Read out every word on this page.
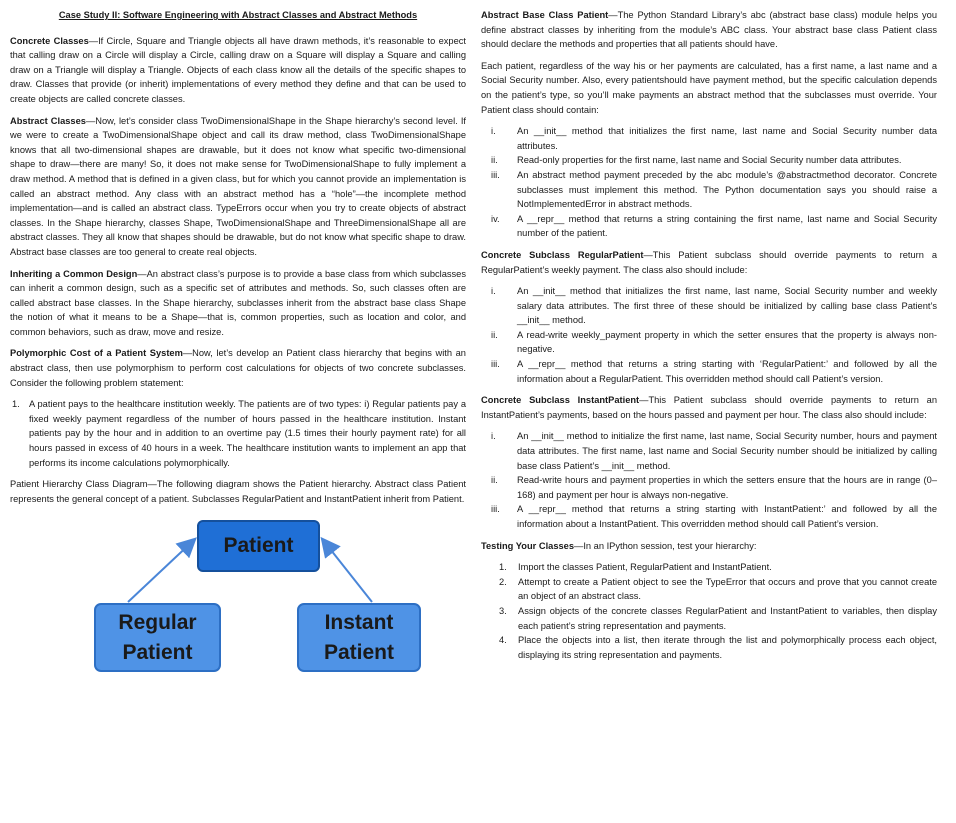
Case Study II: Software Engineering with Abstract Classes and Abstract Methods

Concrete Classes—If Circle, Square and Triangle objects all have drawn methods, it’s reasonable to expect that calling draw on a Circle will display a Circle, calling draw on a Square will display a Square and calling draw on a Triangle will display a Triangle. Objects of each class know all the details of the specific shapes to draw. Classes that provide (or inherit) implementations of every method they define and that can be used to create objects are called concrete classes.

Abstract Classes—Now, let’s consider class TwoDimensionalShape in the Shape hierarchy’s second level. If we were to create a TwoDimensionalShape object and call its draw method, class TwoDimensionalShape knows that all two-dimensional shapes are drawable, but it does not know what specific two-dimensional shape to draw—there are many! So, it does not make sense for TwoDimensionalShape to fully implement a draw method. A method that is defined in a given class, but for which you cannot provide an implementation is called an abstract method. Any class with an abstract method has a “hole”—the incomplete method implementation—and is called an abstract class. TypeErrors occur when you try to create objects of abstract classes. In the Shape hierarchy, classes Shape, TwoDimensionalShape and ThreeDimensionalShape all are abstract classes. They all know that shapes should be drawable, but do not know what specific shape to draw. Abstract base classes are too general to create real objects.

Inheriting a Common Design—An abstract class’s purpose is to provide a base class from which subclasses can inherit a common design, such as a specific set of attributes and methods. So, such classes often are called abstract base classes. In the Shape hierarchy, subclasses inherit from the abstract base class Shape the notion of what it means to be a Shape—that is, common properties, such as location and color, and common behaviors, such as draw, move and resize.

Polymorphic Cost of a Patient System—Now, let’s develop an Patient class hierarchy that begins with an abstract class, then use polymorphism to perform cost calculations for objects of two concrete subclasses. Consider the following problem statement:

1. A patient pays to the healthcare institution weekly. The patients are of two types: i) Regular patients pay a fixed weekly payment regardless of the number of hours passed in the healthcare institution. Instant patients pay by the hour and in addition to an overtime pay (1.5 times their hourly payment rate) for all hours passed in excess of 40 hours in a week. The healthcare institution wants to implement an app that performs its income calculations polymorphically.

Patient Hierarchy Class Diagram—The following diagram shows the Patient hierarchy. Abstract class Patient represents the general concept of a patient. Subclasses RegularPatient and InstantPatient inherit from Patient.

Patient
Regular
Patient
Instant
Patient

Abstract Base Class Patient—The Python Standard Library’s abc (abstract base class) module helps you define abstract classes by inheriting from the module’s ABC class. Your abstract base class Patient class should declare the methods and properties that all patients should have.

Each patient, regardless of the way his or her payments are calculated, has a first name, a last name and a Social Security number. Also, every patientshould have payment method, but the specific calculation depends on the patient’s type, so you’ll make payments an abstract method that the subclasses must override. Your Patient class should contain:

i.	An __init__ method that initializes the first name, last name and Social Security number data attributes.
ii.	Read-only properties for the first name, last name and Social Security number data attributes.
iii.	An abstract method payment preceded by the abc module’s @abstractmethod decorator. Concrete subclasses must implement this method. The Python documentation says you should raise a NotImplementedError in abstract methods.
iv.	A __repr__ method that returns a string containing the first name, last name and Social Security number of the patient.

Concrete Subclass RegularPatient—This Patient subclass should override payments to return a RegularPatient’s weekly payment. The class also should include:

i.	An __init__ method that initializes the first name, last name, Social Security number and weekly salary data attributes. The first three of these should be initialized by calling base class Patient’s __init__ method.
ii.	A read-write weekly_payment property in which the setter ensures that the property is always non-negative.
iii.	A __repr__ method that returns a string starting with ‘RegularPatient:’ and followed by all the information about a RegularPatient. This overridden method should call Patient’s version.

Concrete Subclass InstantPatient—This Patient subclass should override payments to return an InstantPatient’s payments, based on the hours passed and payment per hour. The class also should include:

i.	An __init__ method to initialize the first name, last name, Social Security number, hours and payment data attributes. The first name, last name and Social Security number should be initialized by calling base class Patient’s __init__ method.
ii.	Read-write hours and payment properties in which the setters ensure that the hours are in range (0–168) and payment per hour is always non-negative.
iii.	A __repr__ method that returns a string starting with InstantPatient:’ and followed by all the information about a InstantPatient. This overridden method should call Patient’s version.

Testing Your Classes—In an IPython session, test your hierarchy:

1.	Import the classes Patient, RegularPatient and InstantPatient.
2.	Attempt to create a Patient object to see the TypeError that occurs and prove that you cannot create an object of an abstract class.
3.	Assign objects of the concrete classes RegularPatient and InstantPatient to variables, then display each patient’s string representation and payments.
4.	Place the objects into a list, then iterate through the list and polymorphically process each object, displaying its string representation and payments.
